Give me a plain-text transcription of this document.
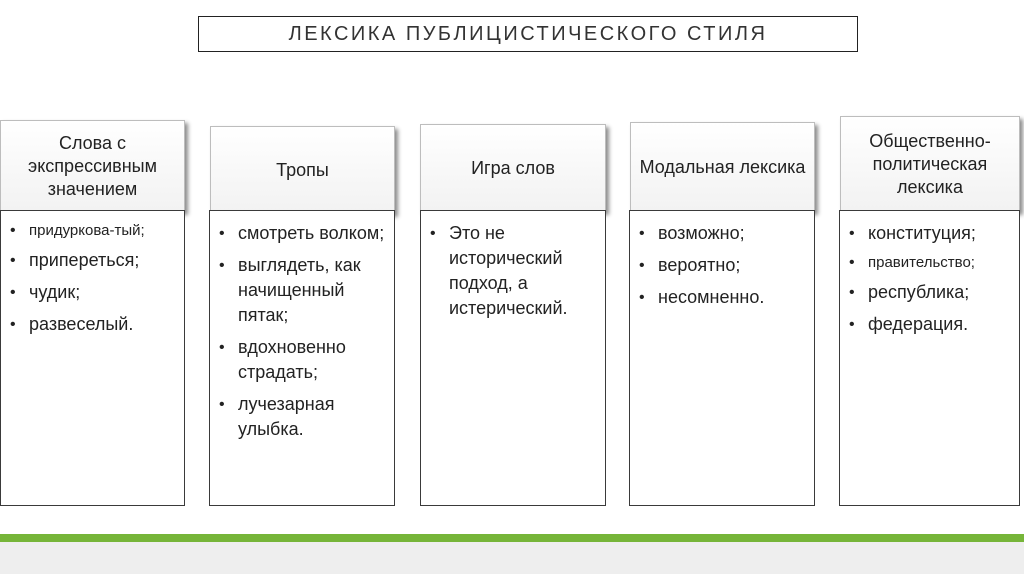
ЛЕКСИКА ПУБЛИЦИСТИЧЕСКОГО СТИЛЯ
Слова с экспрессивным значением
• придуркова-тый;
• припереться;
• чудик;
• развеселый.
Тропы
• смотреть волком;
• выглядеть, как начищенный пятак;
• вдохновенно страдать;
• лучезарная улыбка.
Игра слов
• Это не исторический подход, а истерический.
Модальная лексика
• возможно;
• вероятно;
• несомненно.
Общественно-политическая лексика
• конституция;
• правительство;
• республика;
• федерация.
